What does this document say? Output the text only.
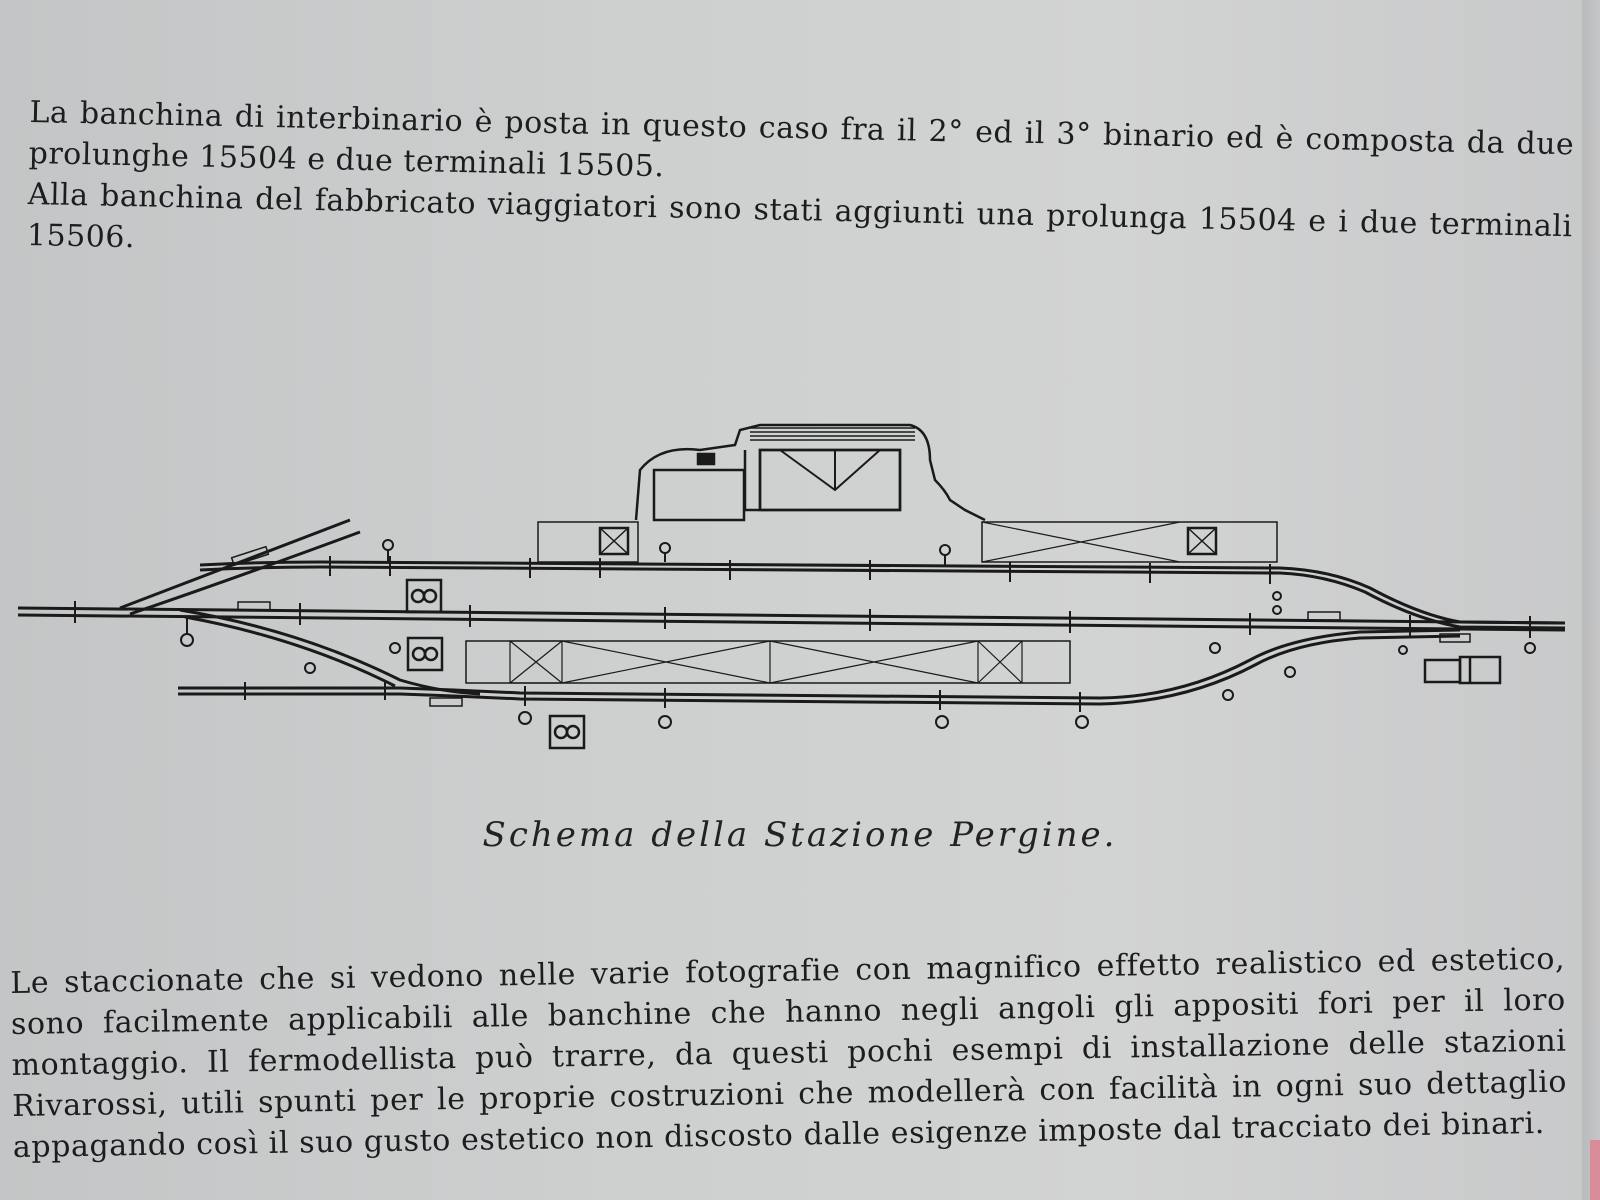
La banchina di interbinario è posta in questo caso fra il 2° ed il 3° binario ed è composta da due prolunghe 15504 e due terminali 15505.

Alla banchina del fabbricato viaggiatori sono stati aggiunti una prolunga 15504 e i due terminali 15506.

Schema della Stazione Pergine.

Le staccionate che si vedono nelle varie fotografie con magnifico effetto realistico ed estetico, sono facilmente applicabili alle banchine che hanno negli angoli gli appositi fori per il loro montaggio. Il fermodellista può trarre, da questi pochi esempi di installazione delle stazioni Rivarossi, utili spunti per le proprie costruzioni che modellerà con facilità in ogni suo dettaglio appagando così il suo gusto estetico non discosto dalle esigenze imposte dal tracciato dei binari.
